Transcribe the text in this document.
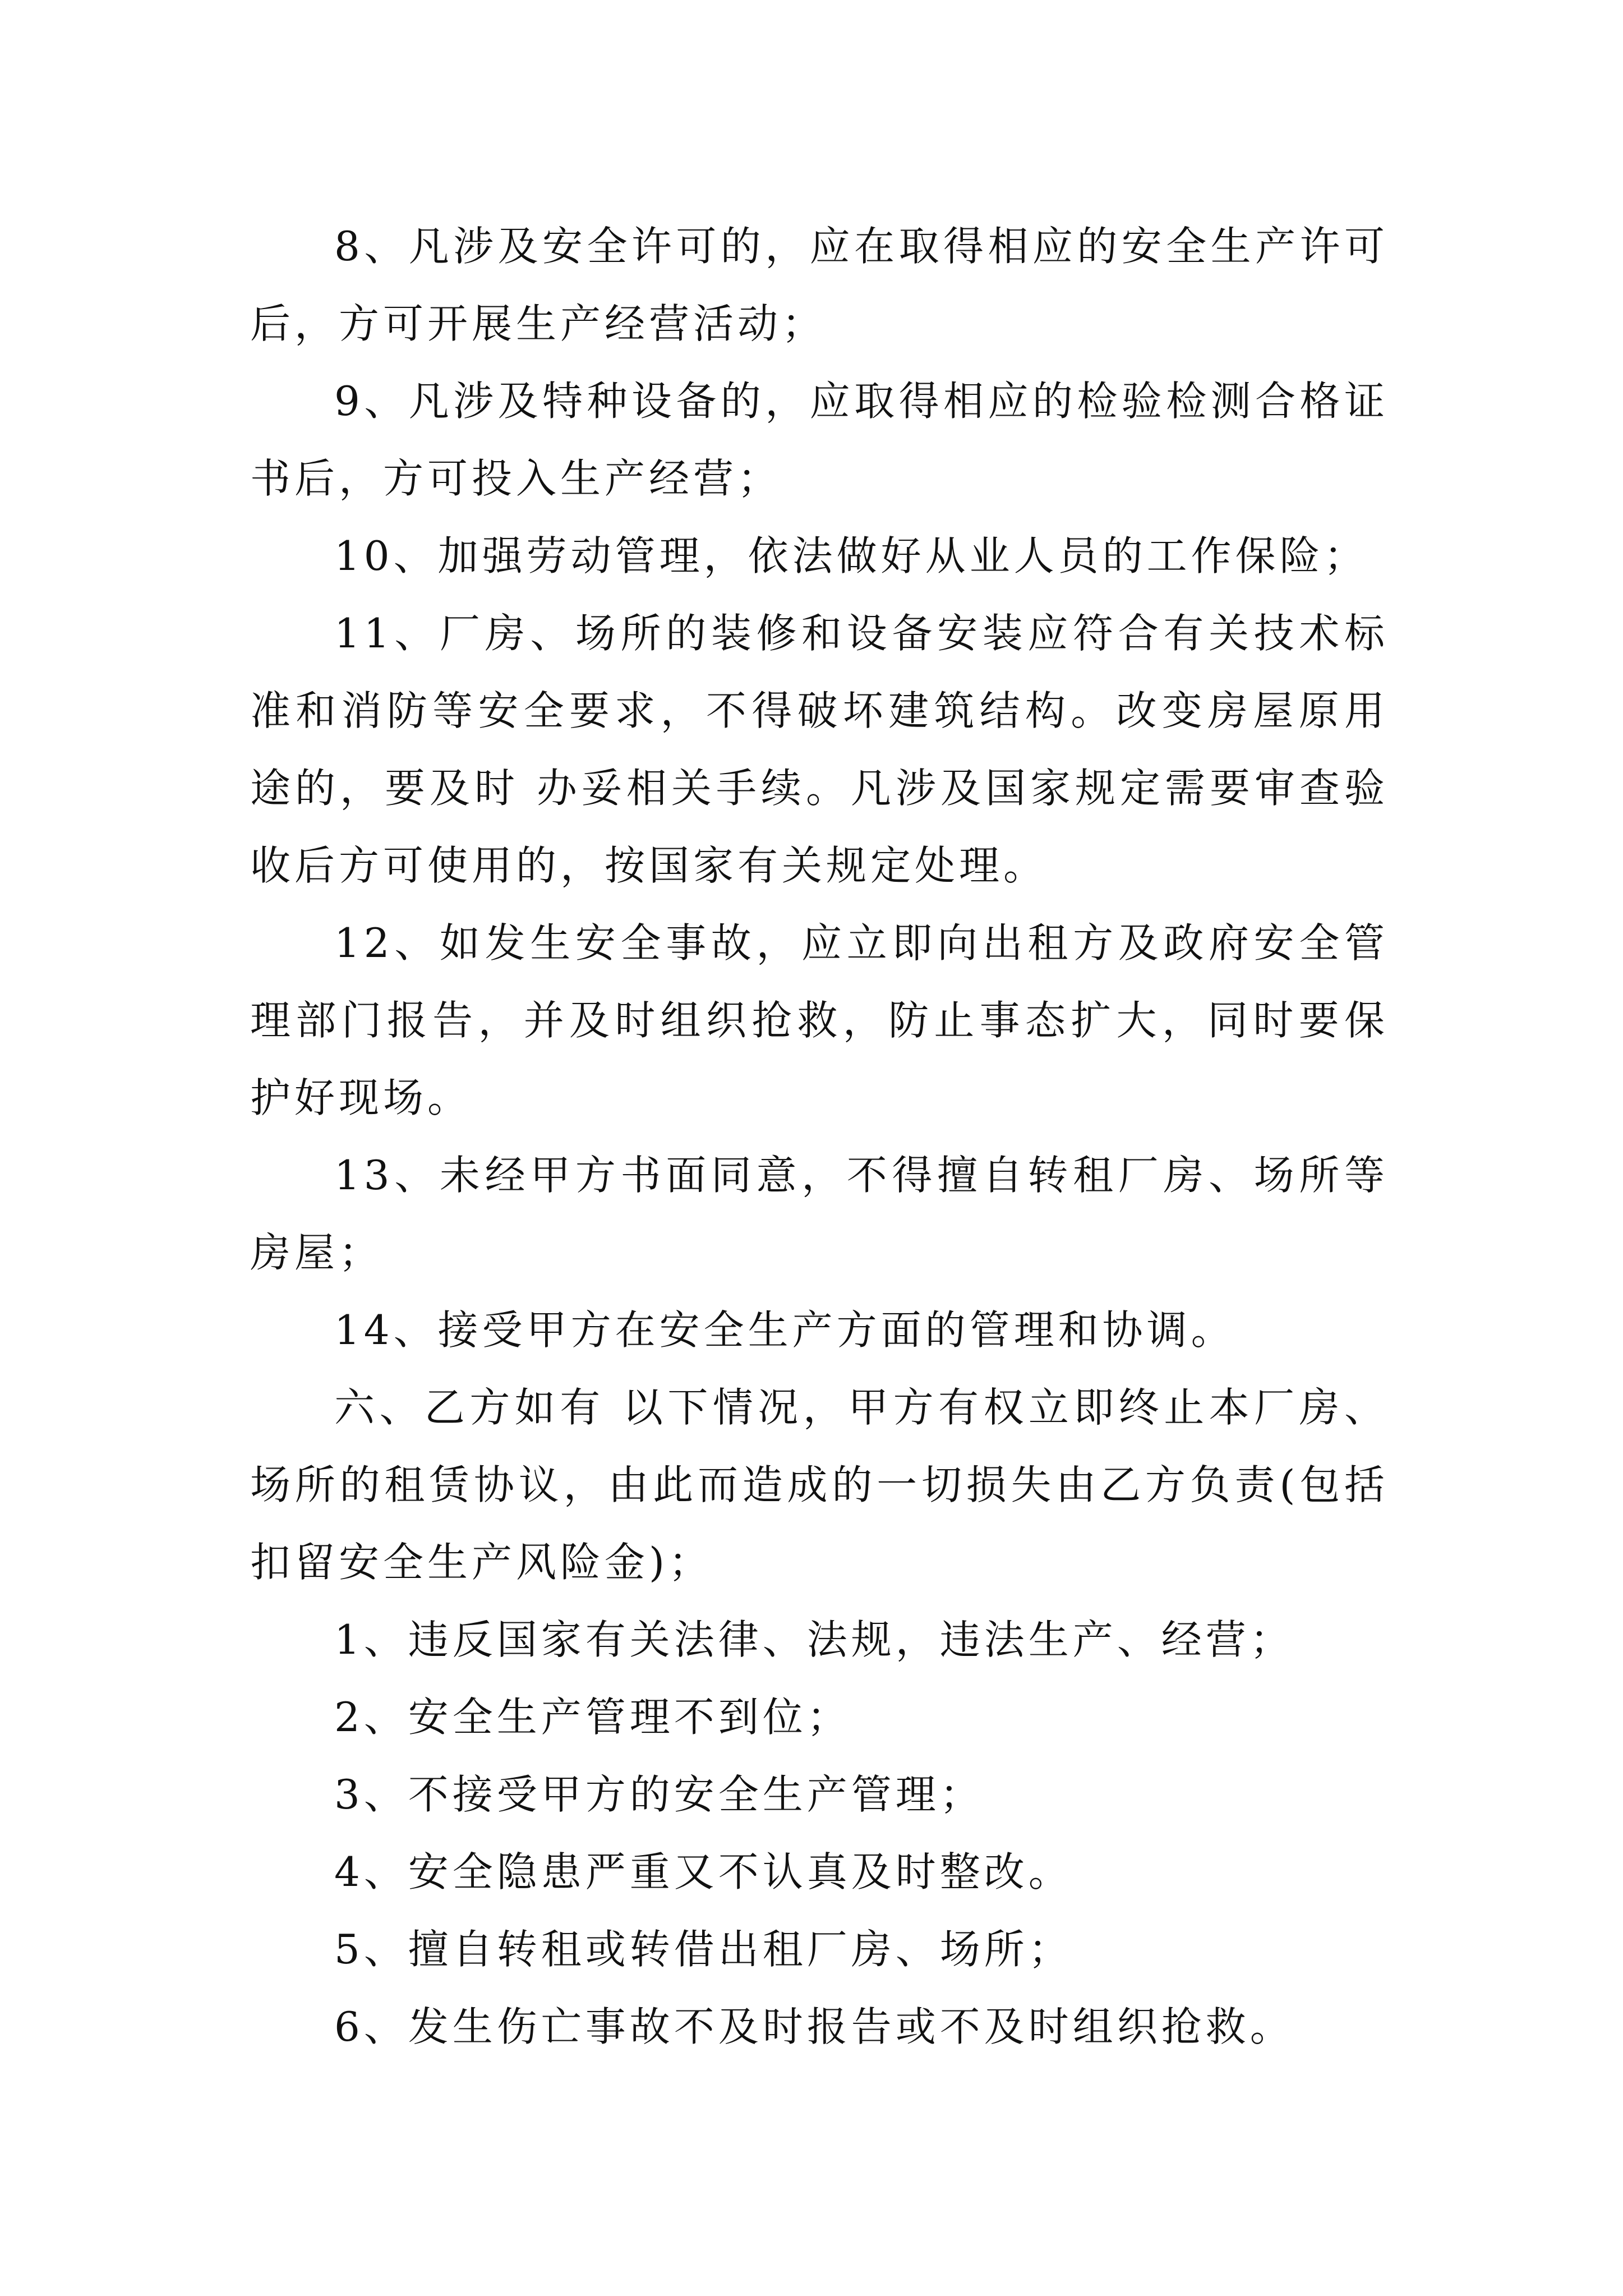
8、凡涉及安全许可的，应在取得相应的安全生产许可后，方可开展生产经营活动；

9、凡涉及特种设备的，应取得相应的检验检测合格证书后，方可投入生产经营；

10、加强劳动管理，依法做好从业人员的工作保险；

11、厂房、场所的装修和设备安装应符合有关技术标准和消防等安全要求，不得破坏建筑结构。改变房屋原用途的，要及时 办妥相关手续。凡涉及国家规定需要审查验收后方可使用的，按国家有关规定处理。

12、如发生安全事故，应立即向出租方及政府安全管理部门报告，并及时组织抢救，防止事态扩大，同时要保护好现场。

13、未经甲方书面同意，不得擅自转租厂房、场所等房屋；

14、接受甲方在安全生产方面的管理和协调。

六、乙方如有 以下情况，甲方有权立即终止本厂房、场所的租赁协议，由此而造成的一切损失由乙方负责(包括扣留安全生产风险金)；

1、违反国家有关法律、法规，违法生产、经营；

2、安全生产管理不到位；

3、不接受甲方的安全生产管理；

4、安全隐患严重又不认真及时整改。

5、擅自转租或转借出租厂房、场所；

6、发生伤亡事故不及时报告或不及时组织抢救。
